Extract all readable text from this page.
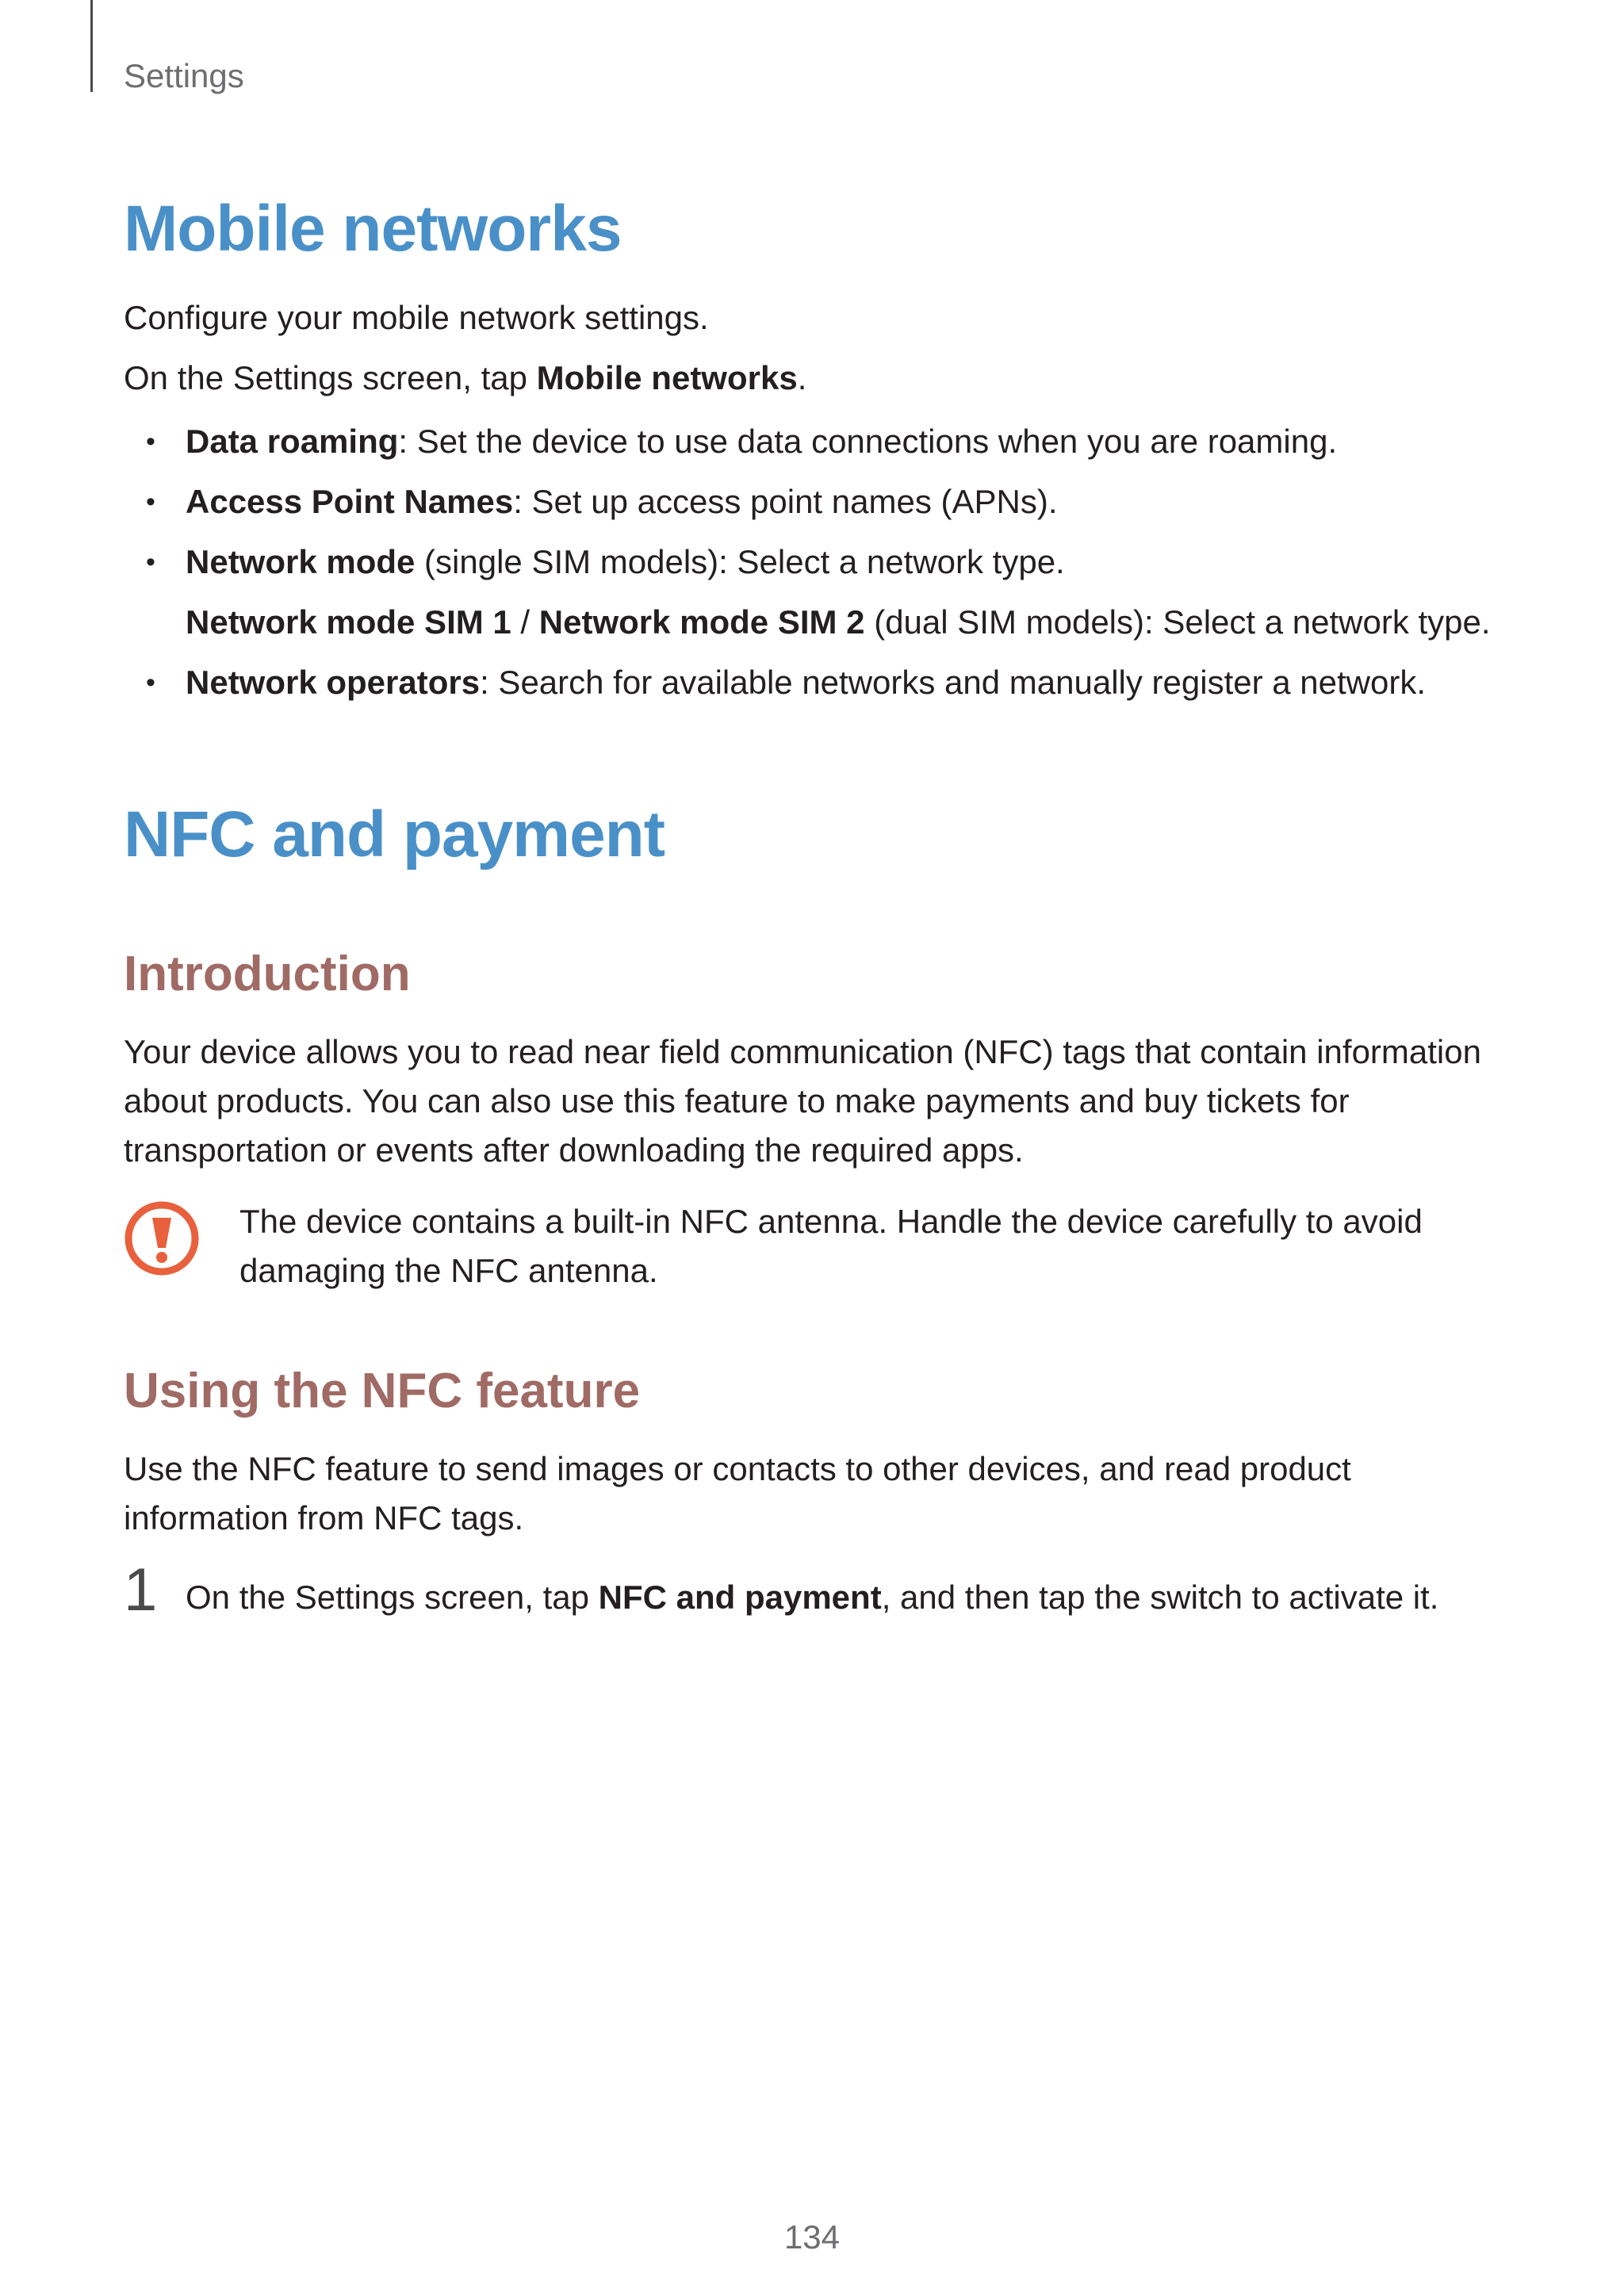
Settings
Mobile networks

Configure your mobile network settings.

On the Settings screen, tap Mobile networks.

• Data roaming: Set the device to use data connections when you are roaming.
• Access Point Names: Set up access point names (APNs).
• Network mode (single SIM models): Select a network type.
Network mode SIM 1 / Network mode SIM 2 (dual SIM models): Select a network type.
• Network operators: Search for available networks and manually register a network.
NFC and payment
Introduction
Your device allows you to read near field communication (NFC) tags that contain information
about products. You can also use this feature to make payments and buy tickets for
transportation or events after downloading the required apps.
The device contains a built-in NFC antenna. Handle the device carefully to avoid
damaging the NFC antenna.
Using the NFC feature
Use the NFC feature to send images or contacts to other devices, and read product
information from NFC tags.
1 On the Settings screen, tap NFC and payment, and then tap the switch to activate it.
134
